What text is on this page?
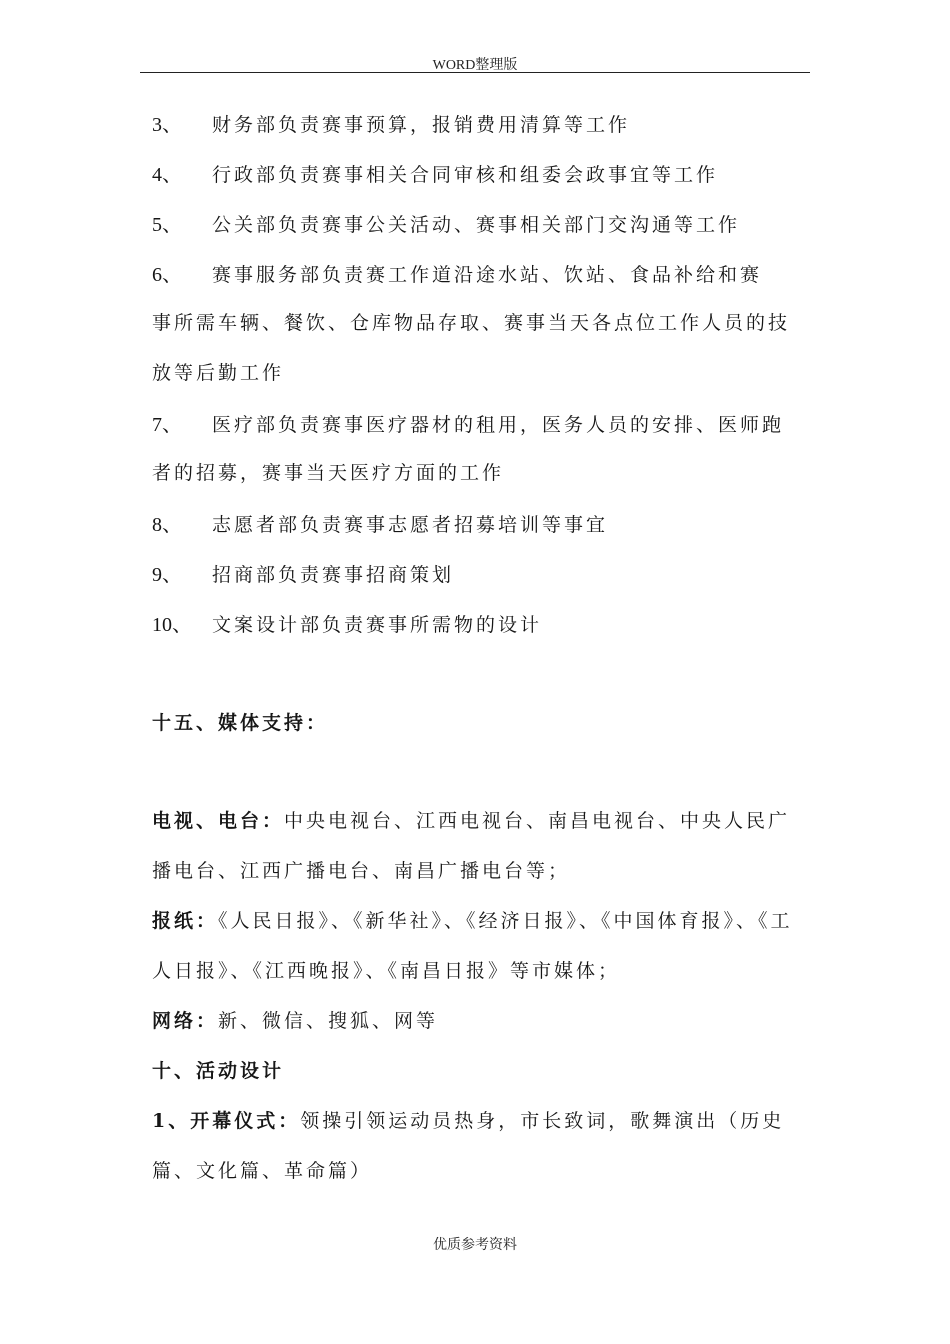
WORD整理版
3、 财务部负责赛事预算，报销费用清算等工作
4、 行政部负责赛事相关合同审核和组委会政事宜等工作
5、 公关部负责赛事公关活动、赛事相关部门交沟通等工作
6、 赛事服务部负责赛工作道沿途水站、饮站、食品补给和赛
事所需车辆、餐饮、仓库物品存取、赛事当天各点位工作人员的技
放等后勤工作
7、 医疗部负责赛事医疗器材的租用，医务人员的安排、医师跑
者的招募，赛事当天医疗方面的工作
8、 志愿者部负责赛事志愿者招募培训等事宜
9、 招商部负责赛事招商策划
10、 文案设计部负责赛事所需物的设计
十五、媒体支持：
电视、电台：中央电视台、江西电视台、南昌电视台、中央人民广
播电台、江西广播电台、南昌广播电台等；
报纸：《人民日报》、《新华社》、《经济日报》、《中国体育报》、《工
人日报》、《江西晚报》、《南昌日报》等市媒体；
网络：新、微信、搜狐、网等
十、活动设计
1、开幕仪式：领操引领运动员热身，市长致词，歌舞演出（历史
篇、文化篇、革命篇）
优质参考资料
